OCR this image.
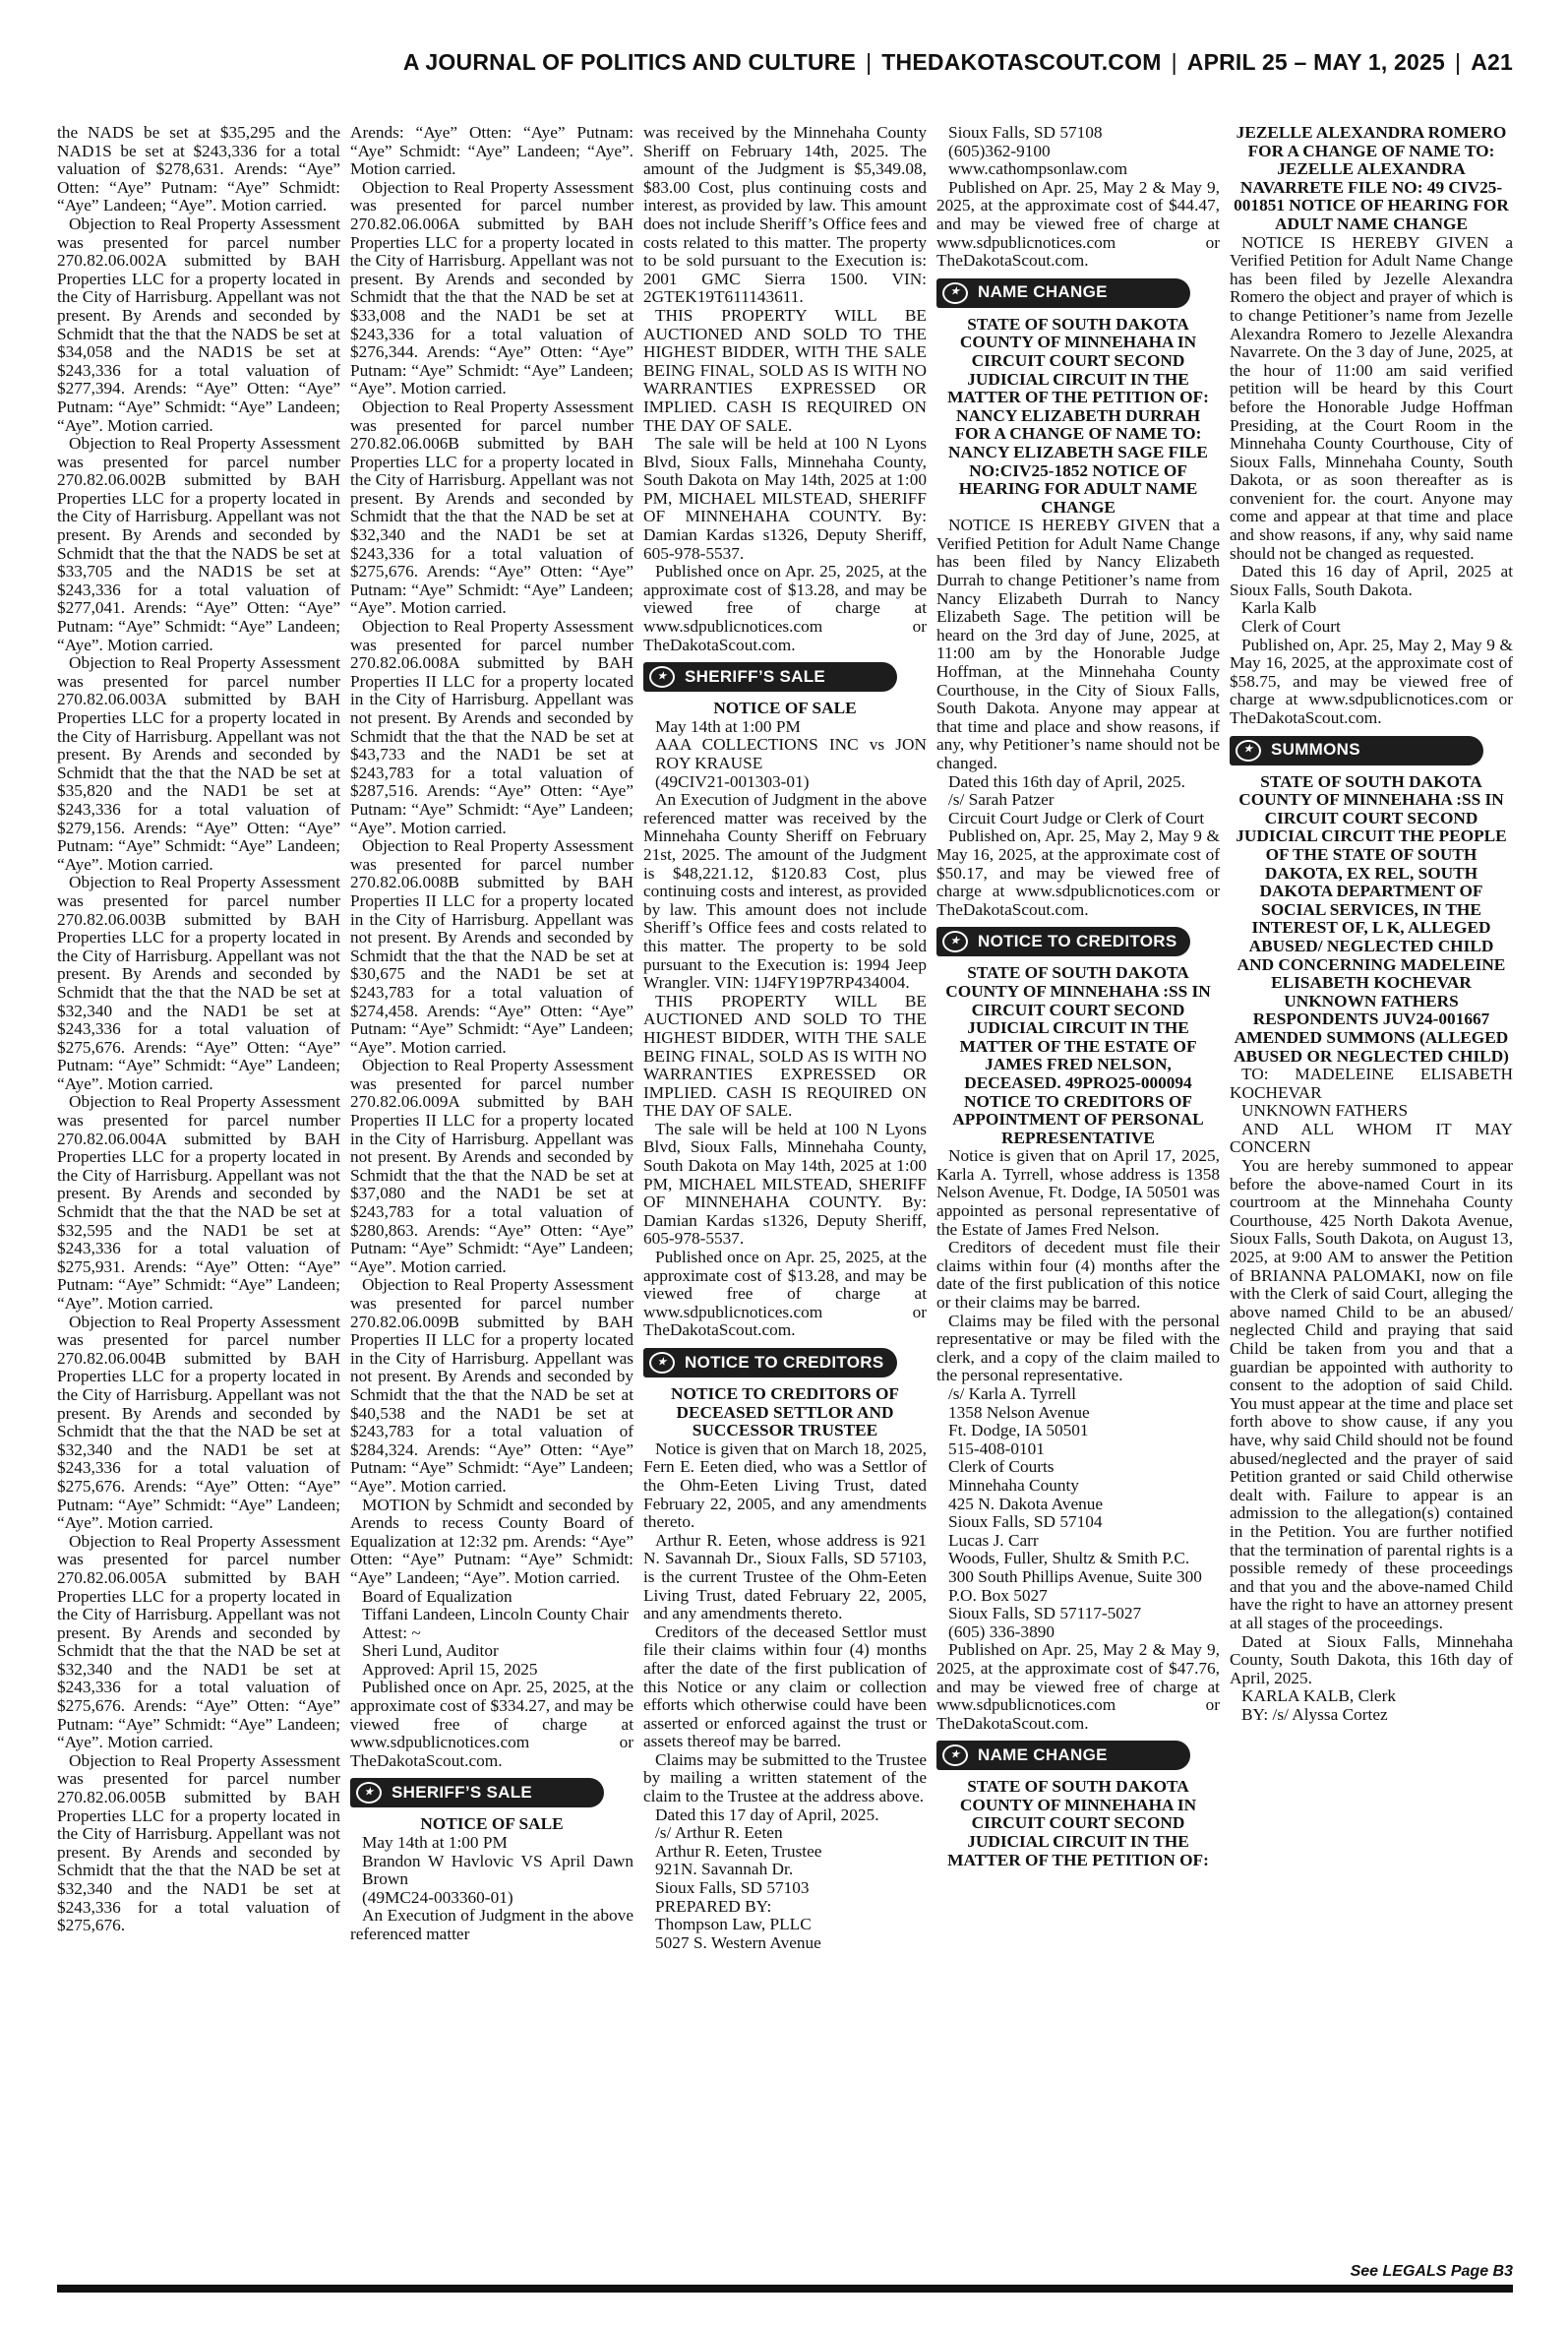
A JOURNAL OF POLITICS AND CULTURE | THEDAKOTASCOUT.COM | APRIL 25 – MAY 1, 2025 | A21

the NADS be set at $35,295 and the NAD1S be set at $243,336 for a total valuation of $278,631. Arends: “Aye” Otten: “Aye” Putnam: “Aye” Schmidt: “Aye” Landeen; “Aye”. Motion carried.

Objection to Real Property Assessment was presented for parcel number 270.82.06.002A submitted by BAH Properties LLC for a property located in the City of Harrisburg. Appellant was not present. By Arends and seconded by Schmidt that the that the NADS be set at $34,058 and the NAD1S be set at $243,336 for a total valuation of $277,394. Arends: “Aye” Otten: “Aye” Putnam: “Aye” Schmidt: “Aye” Landeen; “Aye”. Motion carried.

Objection to Real Property Assessment was presented for parcel number 270.82.06.002B submitted by BAH Properties LLC for a property located in the City of Harrisburg. Appellant was not present. By Arends and seconded by Schmidt that the that the NADS be set at $33,705 and the NAD1S be set at $243,336 for a total valuation of $277,041. Arends: “Aye” Otten: “Aye” Putnam: “Aye” Schmidt: “Aye” Landeen; “Aye”. Motion carried.

Objection to Real Property Assessment was presented for parcel number 270.82.06.003A submitted by BAH Properties LLC for a property located in the City of Harrisburg. Appellant was not present. By Arends and seconded by Schmidt that the that the NAD be set at $35,820 and the NAD1 be set at $243,336 for a total valuation of $279,156. Arends: “Aye” Otten: “Aye” Putnam: “Aye” Schmidt: “Aye” Landeen; “Aye”. Motion carried.

Objection to Real Property Assessment was presented for parcel number 270.82.06.003B submitted by BAH Properties LLC for a property located in the City of Harrisburg. Appellant was not present. By Arends and seconded by Schmidt that the that the NAD be set at $32,340 and the NAD1 be set at $243,336 for a total valuation of $275,676. Arends: “Aye” Otten: “Aye” Putnam: “Aye” Schmidt: “Aye” Landeen; “Aye”. Motion carried.

Objection to Real Property Assessment was presented for parcel number 270.82.06.004A submitted by BAH Properties LLC for a property located in the City of Harrisburg. Appellant was not present. By Arends and seconded by Schmidt that the that the NAD be set at $32,595 and the NAD1 be set at $243,336 for a total valuation of $275,931. Arends: “Aye” Otten: “Aye” Putnam: “Aye” Schmidt: “Aye” Landeen; “Aye”. Motion carried.

Objection to Real Property Assessment was presented for parcel number 270.82.06.004B submitted by BAH Properties LLC for a property located in the City of Harrisburg. Appellant was not present. By Arends and seconded by Schmidt that the that the NAD be set at $32,340 and the NAD1 be set at $243,336 for a total valuation of $275,676. Arends: “Aye” Otten: “Aye” Putnam: “Aye” Schmidt: “Aye” Landeen; “Aye”. Motion carried.

Objection to Real Property Assessment was presented for parcel number 270.82.06.005A submitted by BAH Properties LLC for a property located in the City of Harrisburg. Appellant was not present. By Arends and seconded by Schmidt that the that the NAD be set at $32,340 and the NAD1 be set at $243,336 for a total valuation of $275,676. Arends: “Aye” Otten: “Aye” Putnam: “Aye” Schmidt: “Aye” Landeen; “Aye”. Motion carried.

Objection to Real Property Assessment was presented for parcel number 270.82.06.005B submitted by BAH Properties LLC for a property located in the City of Harrisburg. Appellant was not present. By Arends and seconded by Schmidt that the that the NAD be set at $32,340 and the NAD1 be set at $243,336 for a total valuation of $275,676.

Arends: “Aye” Otten: “Aye” Putnam: “Aye” Schmidt: “Aye” Landeen; “Aye”. Motion carried.

Objection to Real Property Assessment was presented for parcel number 270.82.06.006A submitted by BAH Properties LLC for a property located in the City of Harrisburg. Appellant was not present. By Arends and seconded by Schmidt that the that the NAD be set at $33,008 and the NAD1 be set at $243,336 for a total valuation of $276,344. Arends: “Aye” Otten: “Aye” Putnam: “Aye” Schmidt: “Aye” Landeen; “Aye”. Motion carried.

Objection to Real Property Assessment was presented for parcel number 270.82.06.006B submitted by BAH Properties LLC for a property located in the City of Harrisburg. Appellant was not present. By Arends and seconded by Schmidt that the that the NAD be set at $32,340 and the NAD1 be set at $243,336 for a total valuation of $275,676. Arends: “Aye” Otten: “Aye” Putnam: “Aye” Schmidt: “Aye” Landeen; “Aye”. Motion carried.

Objection to Real Property Assessment was presented for parcel number 270.82.06.008A submitted by BAH Properties II LLC for a property located in the City of Harrisburg. Appellant was not present. By Arends and seconded by Schmidt that the that the NAD be set at $43,733 and the NAD1 be set at $243,783 for a total valuation of $287,516. Arends: “Aye” Otten: “Aye” Putnam: “Aye” Schmidt: “Aye” Landeen; “Aye”. Motion carried.

Objection to Real Property Assessment was presented for parcel number 270.82.06.008B submitted by BAH Properties II LLC for a property located in the City of Harrisburg. Appellant was not present. By Arends and seconded by Schmidt that the that the NAD be set at $30,675 and the NAD1 be set at $243,783 for a total valuation of $274,458. Arends: “Aye” Otten: “Aye” Putnam: “Aye” Schmidt: “Aye” Landeen; “Aye”. Motion carried.

Objection to Real Property Assessment was presented for parcel number 270.82.06.009A submitted by BAH Properties II LLC for a property located in the City of Harrisburg. Appellant was not present. By Arends and seconded by Schmidt that the that the NAD be set at $37,080 and the NAD1 be set at $243,783 for a total valuation of $280,863. Arends: “Aye” Otten: “Aye” Putnam: “Aye” Schmidt: “Aye” Landeen; “Aye”. Motion carried.

Objection to Real Property Assessment was presented for parcel number 270.82.06.009B submitted by BAH Properties II LLC for a property located in the City of Harrisburg. Appellant was not present. By Arends and seconded by Schmidt that the that the NAD be set at $40,538 and the NAD1 be set at $243,783 for a total valuation of $284,324. Arends: “Aye” Otten: “Aye” Putnam: “Aye” Schmidt: “Aye” Landeen; “Aye”. Motion carried.

MOTION by Schmidt and seconded by Arends to recess County Board of Equalization at 12:32 pm. Arends: “Aye” Otten: “Aye” Putnam: “Aye” Schmidt: “Aye” Landeen; “Aye”. Motion carried.

Board of Equalization

Tiffani Landeen, Lincoln County Chair

Attest: ~

Sheri Lund, Auditor

Approved: April 15, 2025

Published once on Apr. 25, 2025, at the approximate cost of $334.27, and may be viewed free of charge at www.sdpublicnotices.com or TheDakotaScout.com.

★	SHERIFF’S SALE

NOTICE OF SALE

May 14th at 1:00 PM

Brandon W Havlovic VS April Dawn Brown

(49MC24-003360-01)

An Execution of Judgment in the above referenced matter

was received by the Minnehaha County Sheriff on February 14th, 2025. The amount of the Judgment is $5,349.08, $83.00 Cost, plus continuing costs and interest, as provided by law. This amount does not include Sheriff’s Office fees and costs related to this matter. The property to be sold pursuant to the Execution is: 2001 GMC Sierra 1500. VIN: 2GTEK19T611143611.

THIS PROPERTY WILL BE AUCTIONED AND SOLD TO THE HIGHEST BIDDER, WITH THE SALE BEING FINAL, SOLD AS IS WITH NO WARRANTIES EXPRESSED OR IMPLIED. CASH IS REQUIRED ON THE DAY OF SALE.

The sale will be held at 100 N Lyons Blvd, Sioux Falls, Minnehaha County, South Dakota on May 14th, 2025 at 1:00 PM, MICHAEL MILSTEAD, SHERIFF OF MINNEHAHA COUNTY. By: Damian Kardas s1326, Deputy Sheriff, 605-978-5537.

Published once on Apr. 25, 2025, at the approximate cost of $13.28, and may be viewed free of charge at www.sdpublicnotices.com or TheDakotaScout.com.

★	SHERIFF’S SALE

NOTICE OF SALE

May 14th at 1:00 PM

AAA COLLECTIONS INC vs JON ROY KRAUSE

(49CIV21-001303-01)

An Execution of Judgment in the above referenced matter was received by the Minnehaha County Sheriff on February 21st, 2025. The amount of the Judgment is $48,221.12, $120.83 Cost, plus continuing costs and interest, as provided by law. This amount does not include Sheriff’s Office fees and costs related to this matter. The property to be sold pursuant to the Execution is: 1994 Jeep Wrangler. VIN: 1J4FY19P7RP434004.

THIS PROPERTY WILL BE AUCTIONED AND SOLD TO THE HIGHEST BIDDER, WITH THE SALE BEING FINAL, SOLD AS IS WITH NO WARRANTIES EXPRESSED OR IMPLIED. CASH IS REQUIRED ON THE DAY OF SALE.

The sale will be held at 100 N Lyons Blvd, Sioux Falls, Minnehaha County, South Dakota on May 14th, 2025 at 1:00 PM, MICHAEL MILSTEAD, SHERIFF OF MINNEHAHA COUNTY. By: Damian Kardas s1326, Deputy Sheriff, 605-978-5537.

Published once on Apr. 25, 2025, at the approximate cost of $13.28, and may be viewed free of charge at www.sdpublicnotices.com or TheDakotaScout.com.

★	NOTICE TO CREDITORS

NOTICE TO CREDITORS OF DECEASED SETTLOR AND SUCCESSOR TRUSTEE

Notice is given that on March 18, 2025, Fern E. Eeten died, who was a Settlor of the Ohm-Eeten Living Trust, dated February 22, 2005, and any amendments thereto.

Arthur R. Eeten, whose address is 921 N. Savannah Dr., Sioux Falls, SD 57103, is the current Trustee of the Ohm-Eeten Living Trust, dated February 22, 2005, and any amendments thereto.

Creditors of the deceased Settlor must file their claims within four (4) months after the date of the first publication of this Notice or any claim or collection efforts which otherwise could have been asserted or enforced against the trust or assets thereof may be barred.

Claims may be submitted to the Trustee by mailing a written statement of the claim to the Trustee at the address above.

Dated this 17 day of April, 2025.

/s/ Arthur R. Eeten

Arthur R. Eeten, Trustee

921N. Savannah Dr.

Sioux Falls, SD 57103

PREPARED BY:

Thompson Law, PLLC

5027 S. Western Avenue

Sioux Falls, SD 57108

(605)362-9100

www.cathompsonlaw.com

Published on Apr. 25, May 2 & May 9, 2025, at the approximate cost of $44.47, and may be viewed free of charge at www.sdpublicnotices.com or TheDakotaScout.com.

★	NAME CHANGE

STATE OF SOUTH DAKOTA COUNTY OF MINNEHAHA IN CIRCUIT COURT SECOND JUDICIAL CIRCUIT IN THE MATTER OF THE PETITION OF: NANCY ELIZABETH DURRAH FOR A CHANGE OF NAME TO: NANCY ELIZABETH SAGE FILE NO:CIV25-1852 NOTICE OF HEARING FOR ADULT NAME CHANGE

NOTICE IS HEREBY GIVEN that a Verified Petition for Adult Name Change has been filed by Nancy Elizabeth Durrah to change Petitioner’s name from Nancy Elizabeth Durrah to Nancy Elizabeth Sage. The petition will be heard on the 3rd day of June, 2025, at 11:00 am by the Honorable Judge Hoffman, at the Minnehaha County Courthouse, in the City of Sioux Falls, South Dakota. Anyone may appear at that time and place and show reasons, if any, why Petitioner’s name should not be changed.

Dated this 16th day of April, 2025.

/s/ Sarah Patzer

Circuit Court Judge or Clerk of Court

Published on, Apr. 25, May 2, May 9 & May 16, 2025, at the approximate cost of $50.17, and may be viewed free of charge at www.sdpublicnotices.com or TheDakotaScout.com.

★	NOTICE TO CREDITORS

STATE OF SOUTH DAKOTA COUNTY OF MINNEHAHA :SS IN CIRCUIT COURT SECOND JUDICIAL CIRCUIT IN THE MATTER OF THE ESTATE OF JAMES FRED NELSON, DECEASED. 49PRO25-000094 NOTICE TO CREDITORS OF APPOINTMENT OF PERSONAL REPRESENTATIVE

Notice is given that on April 17, 2025, Karla A. Tyrrell, whose address is 1358 Nelson Avenue, Ft. Dodge, IA 50501 was appointed as personal representative of the Estate of James Fred Nelson.

Creditors of decedent must file their claims within four (4) months after the date of the first publication of this notice or their claims may be barred.

Claims may be filed with the personal representative or may be filed with the clerk, and a copy of the claim mailed to the personal representative.

/s/ Karla A. Tyrrell

1358 Nelson Avenue

Ft. Dodge, IA 50501

515-408-0101

Clerk of Courts

Minnehaha County

425 N. Dakota Avenue

Sioux Falls, SD 57104

Lucas J. Carr

Woods, Fuller, Shultz & Smith P.C.

300 South Phillips Avenue, Suite 300

P.O. Box 5027

Sioux Falls, SD 57117-5027

(605) 336-3890

Published on Apr. 25, May 2 & May 9, 2025, at the approximate cost of $47.76, and may be viewed free of charge at www.sdpublicnotices.com or TheDakotaScout.com.

★	NAME CHANGE

STATE OF SOUTH DAKOTA COUNTY OF MINNEHAHA IN CIRCUIT COURT SECOND JUDICIAL CIRCUIT IN THE MATTER OF THE PETITION OF:

JEZELLE ALEXANDRA ROMERO FOR A CHANGE OF NAME TO: JEZELLE ALEXANDRA NAVARRETE FILE NO: 49 CIV25-001851 NOTICE OF HEARING FOR ADULT NAME CHANGE

NOTICE IS HEREBY GIVEN a Verified Petition for Adult Name Change has been filed by Jezelle Alexandra Romero the object and prayer of which is to change Petitioner’s name from Jezelle Alexandra Romero to Jezelle Alexandra Navarrete. On the 3 day of June, 2025, at the hour of 11:00 am said verified petition will be heard by this Court before the Honorable Judge Hoffman Presiding, at the Court Room in the Minnehaha County Courthouse, City of Sioux Falls, Minnehaha County, South Dakota, or as soon thereafter as is convenient for. the court. Anyone may come and appear at that time and place and show reasons, if any, why said name should not be changed as requested.

Dated this 16 day of April, 2025 at Sioux Falls, South Dakota.

Karla Kalb

Clerk of Court

Published on, Apr. 25, May 2, May 9 & May 16, 2025, at the approximate cost of $58.75, and may be viewed free of charge at www.sdpublicnotices.com or TheDakotaScout.com.

★	SUMMONS

STATE OF SOUTH DAKOTA COUNTY OF MINNEHAHA :SS IN CIRCUIT COURT SECOND JUDICIAL CIRCUIT THE PEOPLE OF THE STATE OF SOUTH DAKOTA, EX REL, SOUTH DAKOTA DEPARTMENT OF SOCIAL SERVICES, IN THE INTEREST OF, L K, ALLEGED ABUSED/ NEGLECTED CHILD AND CONCERNING MADELEINE ELISABETH KOCHEVAR UNKNOWN FATHERS RESPONDENTS JUV24-001667 AMENDED SUMMONS (ALLEGED ABUSED OR NEGLECTED CHILD)

TO: MADELEINE ELISABETH KOCHEVAR

UNKNOWN FATHERS

AND ALL WHOM IT MAY CONCERN

You are hereby summoned to appear before the above-named Court in its courtroom at the Minnehaha County Courthouse, 425 North Dakota Avenue, Sioux Falls, South Dakota, on August 13, 2025, at 9:00 AM to answer the Petition of BRIANNA PALOMAKI, now on file with the Clerk of said Court, alleging the above named Child to be an abused/ neglected Child and praying that said Child be taken from you and that a guardian be appointed with authority to consent to the adoption of said Child. You must appear at the time and place set forth above to show cause, if any you have, why said Child should not be found abused/neglected and the prayer of said Petition granted or said Child otherwise dealt with. Failure to appear is an admission to the allegation(s) contained in the Petition. You are further notified that the termination of parental rights is a possible remedy of these proceedings and that you and the above-named Child have the right to have an attorney present at all stages of the proceedings.

Dated at Sioux Falls, Minnehaha County, South Dakota, this 16th day of April, 2025.

KARLA KALB, Clerk

BY: /s/ Alyssa Cortez

See LEGALS Page B3
